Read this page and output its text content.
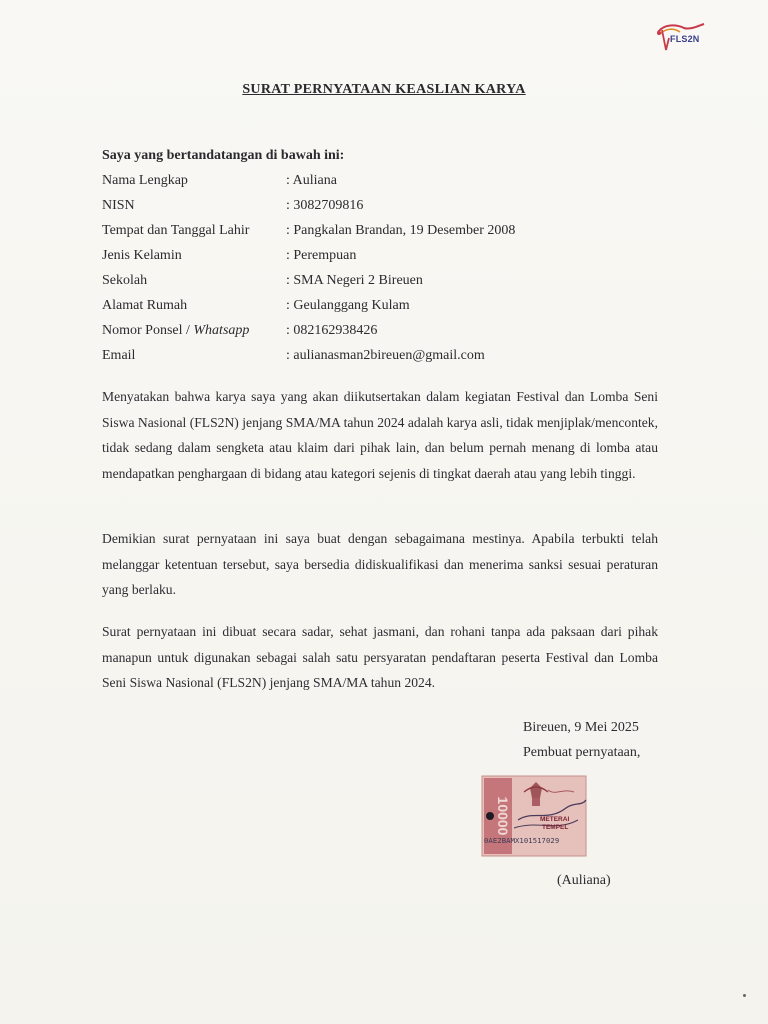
FLS2N
SURAT PERNYATAAN KEASLIAN KARYA
Saya yang bertandatangan di bawah ini:
Nama Lengkap	: Auliana
NISN	: 3082709816
Tempat dan Tanggal Lahir	: Pangkalan Brandan, 19 Desember 2008
Jenis Kelamin	: Perempuan
Sekolah	: SMA Negeri 2 Bireuen
Alamat Rumah	: Geulanggang Kulam
Nomor Ponsel / Whatsapp	: 082162938426
Email	: aulianasman2bireuen@gmail.com
Menyatakan bahwa karya saya yang akan diikutsertakan dalam kegiatan Festival dan Lomba Seni Siswa Nasional (FLS2N) jenjang SMA/MA tahun 2024 adalah karya asli, tidak menjiplak/mencontek, tidak sedang dalam sengketa atau klaim dari pihak lain, dan belum pernah menang di lomba atau mendapatkan penghargaan di bidang atau kategori sejenis di tingkat daerah atau yang lebih tinggi.
Demikian surat pernyataan ini saya buat dengan sebagaimana mestinya. Apabila terbukti telah melanggar ketentuan tersebut, saya bersedia didiskualifikasi dan menerima sanksi sesuai peraturan yang berlaku.
Surat pernyataan ini dibuat secara sadar, sehat jasmani, dan rohani tanpa ada paksaan dari pihak manapun untuk digunakan sebagai salah satu persyaratan pendaftaran peserta Festival dan Lomba Seni Siswa Nasional (FLS2N) jenjang SMA/MA tahun 2024.
Bireuen, 9 Mei 2025
Pembuat pernyataan,
10000	METERAI
TEMPEL
0AE2BAMX101517029
(Auliana)
